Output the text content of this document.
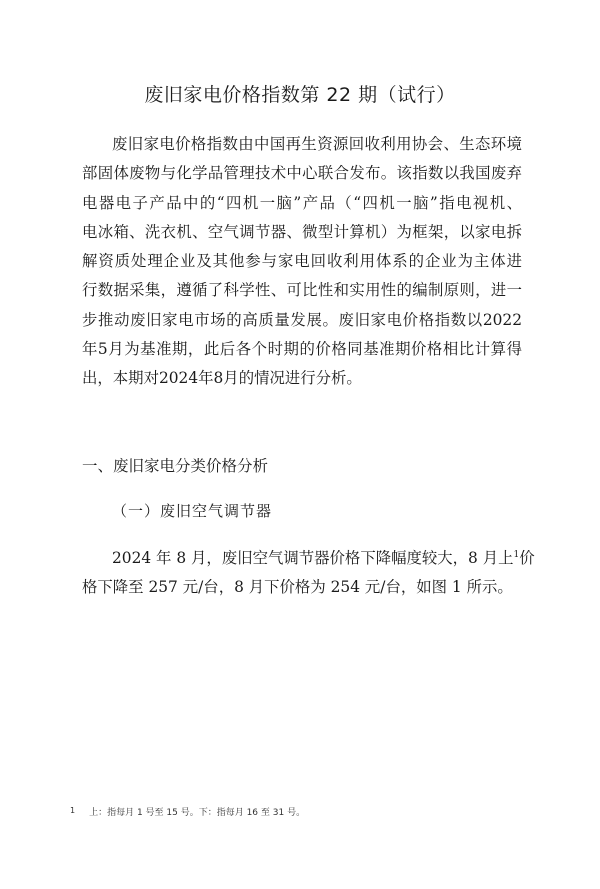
废旧家电价格指数第 22 期（试行）
废旧家电价格指数由中国再生资源回收利用协会、生态环境
部固体废物与化学品管理技术中心联合发布。该指数以我国废弃
电器电子产品中的“四机一脑”产品（“四机一脑”指电视机、
电冰箱、洗衣机、空气调节器、微型计算机）为框架，以家电拆
解资质处理企业及其他参与家电回收利用体系的企业为主体进
行数据采集，遵循了科学性、可比性和实用性的编制原则，进一
步推动废旧家电市场的高质量发展。废旧家电价格指数以2022
年5月为基准期，此后各个时期的价格同基准期价格相比计算得
出，本期对2024年8月的情况进行分析。
一、废旧家电分类价格分析
（一）废旧空气调节器
2024 年 8 月，废旧空气调节器价格下降幅度较大，8 月上$^1$价
格下降至 257 元/台，8 月下价格为 254 元/台，如图 1 所示。
1 上：指每月 1 号至 15 号。下：指每月 16 至 31 号。
